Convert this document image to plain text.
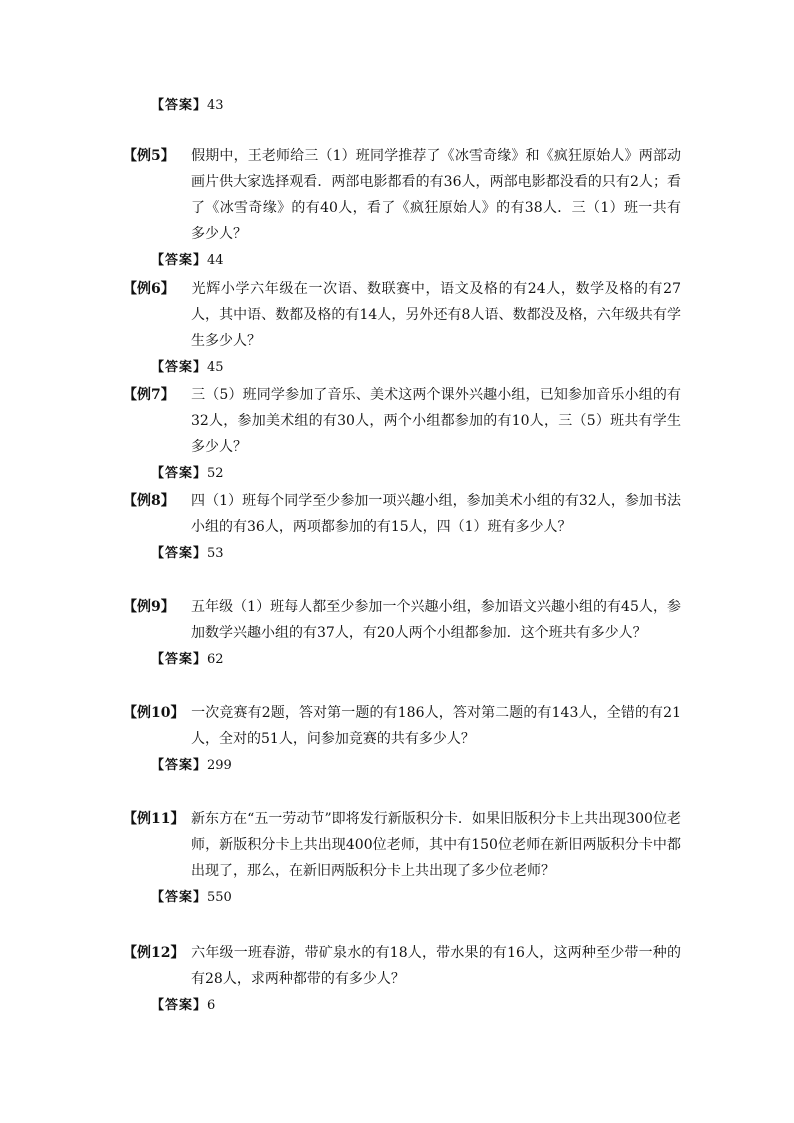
【答案】43
【例5】	假期中，王老师给三（1）班同学推荐了《冰雪奇缘》和《疯狂原始人》两部动画片供大家选择观看．两部电影都看的有36人，两部电影都没看的只有2人；看了《冰雪奇缘》的有40人，看了《疯狂原始人》的有38人．三（1）班一共有多少人？
【答案】44
【例6】	光辉小学六年级在一次语、数联赛中，语文及格的有24人，数学及格的有27人，其中语、数都及格的有14人，另外还有8人语、数都没及格，六年级共有学生多少人？
【答案】45
【例7】	三（5）班同学参加了音乐、美术这两个课外兴趣小组，已知参加音乐小组的有32人，参加美术组的有30人，两个小组都参加的有10人，三（5）班共有学生多少人？
【答案】52
【例8】	四（1）班每个同学至少参加一项兴趣小组，参加美术小组的有32人，参加书法小组的有36人，两项都参加的有15人，四（1）班有多少人？
【答案】53
【例9】	五年级（1）班每人都至少参加一个兴趣小组，参加语文兴趣小组的有45人，参加数学兴趣小组的有37人，有20人两个小组都参加．这个班共有多少人？
【答案】62
【例10】 一次竞赛有2题，答对第一题的有186人，答对第二题的有143人，全错的有21人，全对的51人，问参加竞赛的共有多少人？
【答案】299
【例11】 新东方在“五一劳动节”即将发行新版积分卡．如果旧版积分卡上共出现300位老师，新版积分卡上共出现400位老师，其中有150位老师在新旧两版积分卡中都出现了，那么，在新旧两版积分卡上共出现了多少位老师？
【答案】550
【例12】 六年级一班春游，带矿泉水的有18人，带水果的有16人，这两种至少带一种的有28人，求两种都带的有多少人？
【答案】6
